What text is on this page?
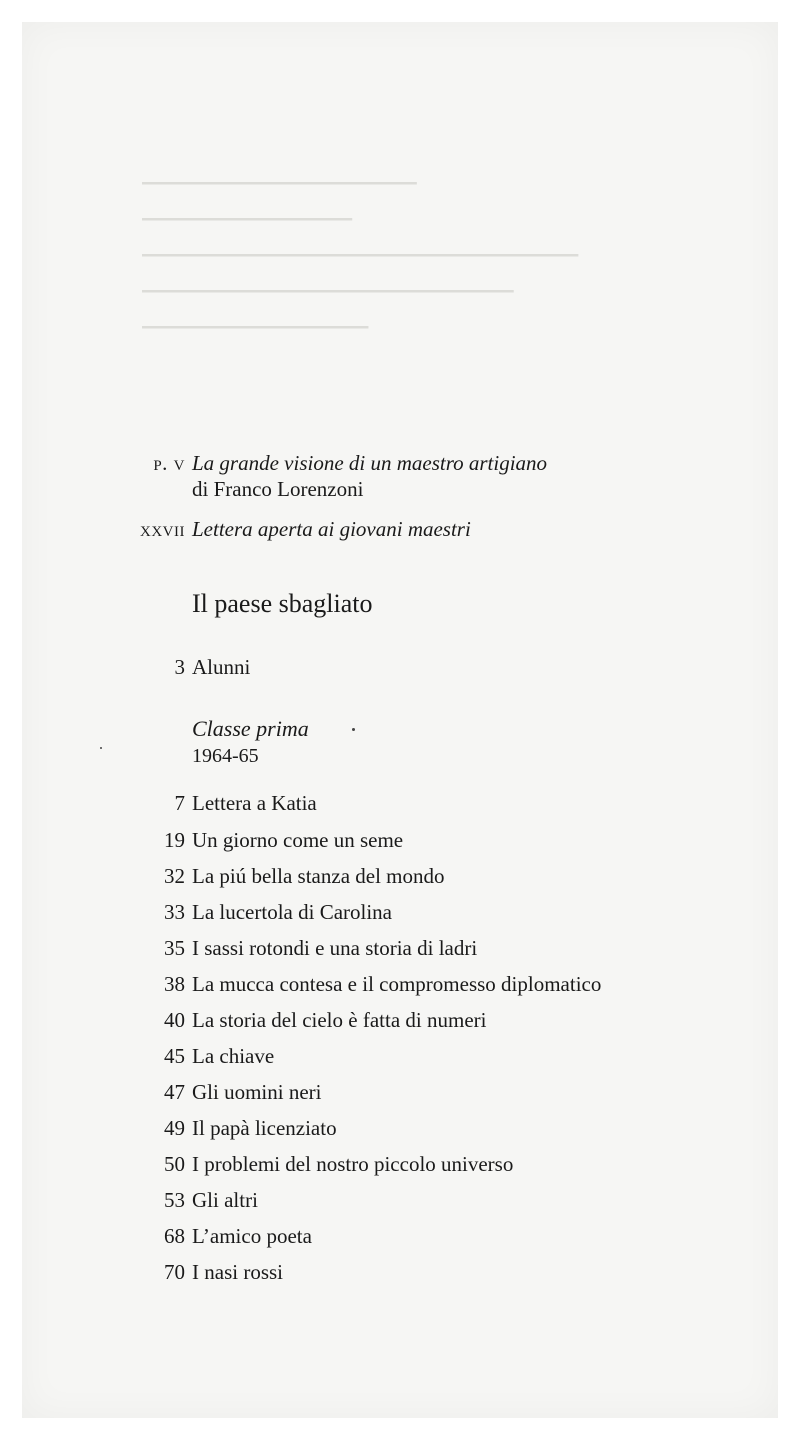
▔▔▔▔▔▔▔▔▔▔▔▔▔▔▔▔▔
▔▔▔▔▔▔▔▔▔▔▔▔▔
▔▔▔▔▔▔▔▔▔▔▔▔▔▔▔▔▔▔▔▔▔▔▔▔▔▔▔
▔▔▔▔▔▔▔▔▔▔▔▔▔▔▔▔▔▔▔▔▔▔▔
▔▔▔▔▔▔▔▔▔▔▔▔▔▔
p. v La grande visione di un maestro artigiano
di Franco Lorenzoni
xxvii Lettera aperta ai giovani maestri
Il paese sbagliato
3 Alunni
Classe prima
1964-65
7 Lettera a Katia
19 Un giorno come un seme
32 La piú bella stanza del mondo
33 La lucertola di Carolina
35 I sassi rotondi e una storia di ladri
38 La mucca contesa e il compromesso diplomatico
40 La storia del cielo è fatta di numeri
45 La chiave
47 Gli uomini neri
49 Il papà licenziato
50 I problemi del nostro piccolo universo
53 Gli altri
68 L’amico poeta
70 I nasi rossi
